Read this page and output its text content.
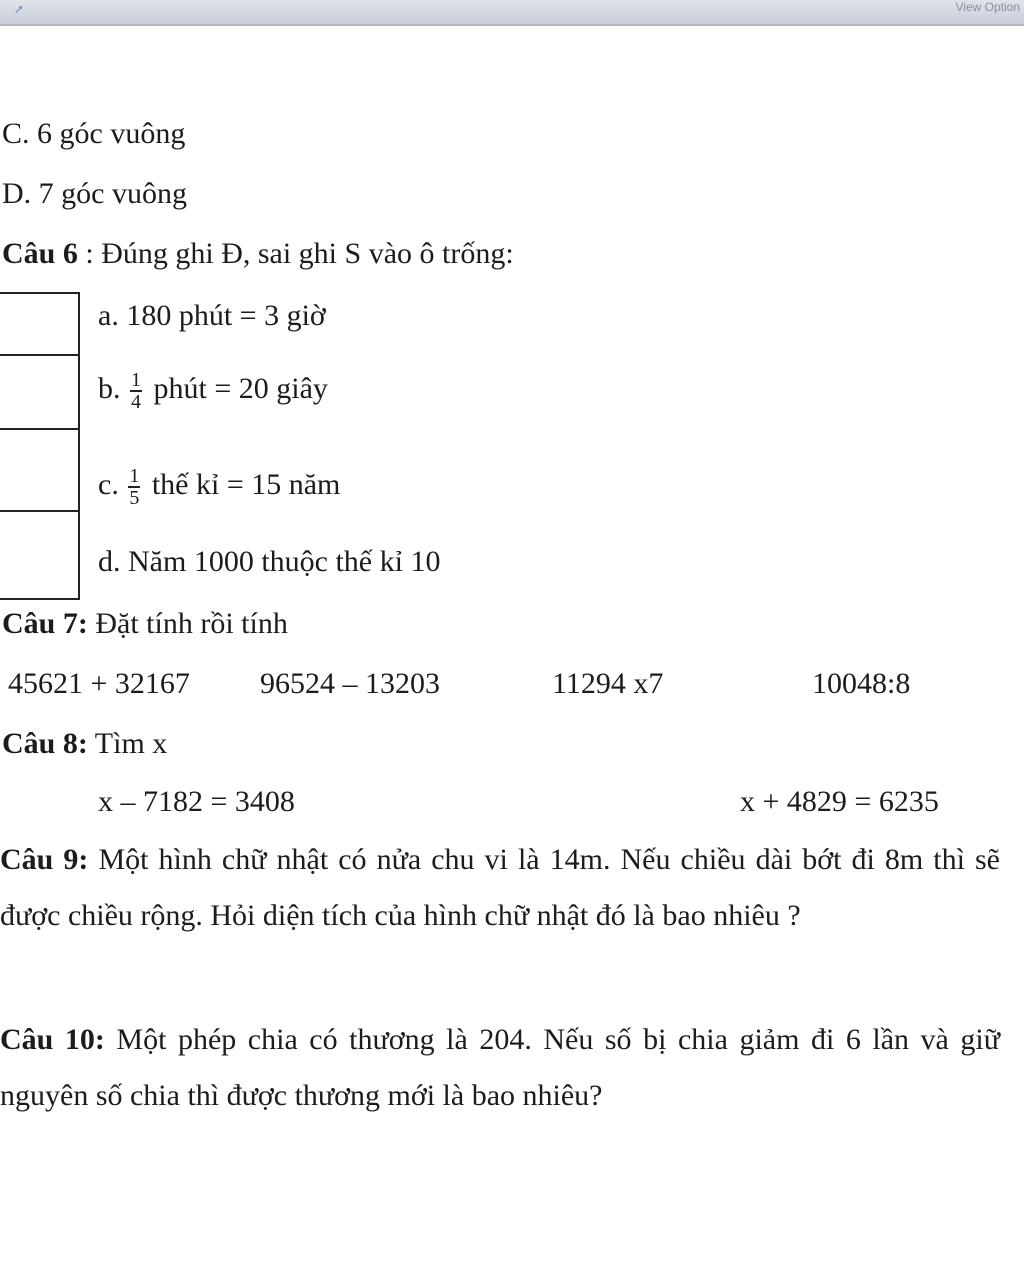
➚	View Option
C. 6 góc vuông
D. 7 góc vuông
Câu 6 : Đúng ghi Đ, sai ghi S vào ô trống:
a. 180 phút = 3 giờ
b. $\frac{1}{4}$ phút = 20 giây
c. $\frac{1}{5}$ thế kỉ = 15 năm
d. Năm 1000 thuộc thế kỉ 10
Câu 7: Đặt tính rồi tính
45621 + 32167 96524 – 13203	11294 x7	10048:8
Câu 8: Tìm x
x – 7182 = 3408	x + 4829 = 6235
Câu 9: Một hình chữ nhật có nửa chu vi là 14m. Nếu chiều dài bớt đi 8m thì sẽ được chiều rộng. Hỏi diện tích của hình chữ nhật đó là bao nhiêu ?
Câu 10: Một phép chia có thương là 204. Nếu số bị chia giảm đi 6 lần và giữ nguyên số chia thì được thương mới là bao nhiêu?
